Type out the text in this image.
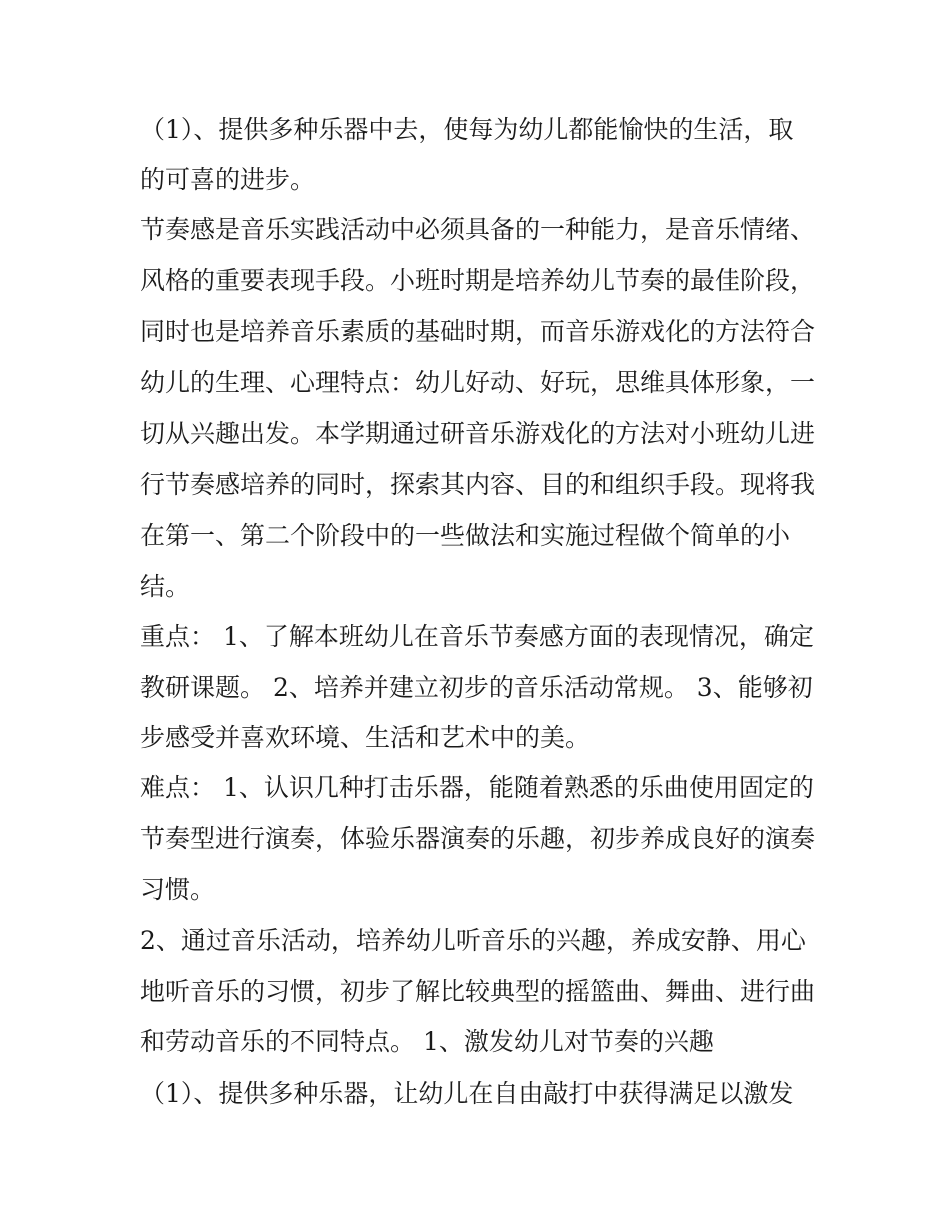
（1）、提供多种乐器中去，使每为幼儿都能愉快的生活，取

的可喜的进步。

节奏感是音乐实践活动中必须具备的一种能力，是音乐情绪、

风格的重要表现手段。小班时期是培养幼儿节奏的最佳阶段，

同时也是培养音乐素质的基础时期，而音乐游戏化的方法符合

幼儿的生理、心理特点：幼儿好动、好玩，思维具体形象，一

切从兴趣出发。本学期通过研音乐游戏化的方法对小班幼儿进

行节奏感培养的同时，探索其内容、目的和组织手段。现将我

在第一、第二个阶段中的一些做法和实施过程做个简单的小

结。

重点： 1、了解本班幼儿在音乐节奏感方面的表现情况，确定

教研课题。 2、培养并建立初步的音乐活动常规。 3、能够初

步感受并喜欢环境、生活和艺术中的美。

难点： 1、认识几种打击乐器，能随着熟悉的乐曲使用固定的

节奏型进行演奏，体验乐器演奏的乐趣，初步养成良好的演奏

习惯。

2、通过音乐活动，培养幼儿听音乐的兴趣，养成安静、用心

地听音乐的习惯，初步了解比较典型的摇篮曲、舞曲、进行曲

和劳动音乐的不同特点。 1、激发幼儿对节奏的兴趣

（1）、提供多种乐器，让幼儿在自由敲打中获得满足以激发
